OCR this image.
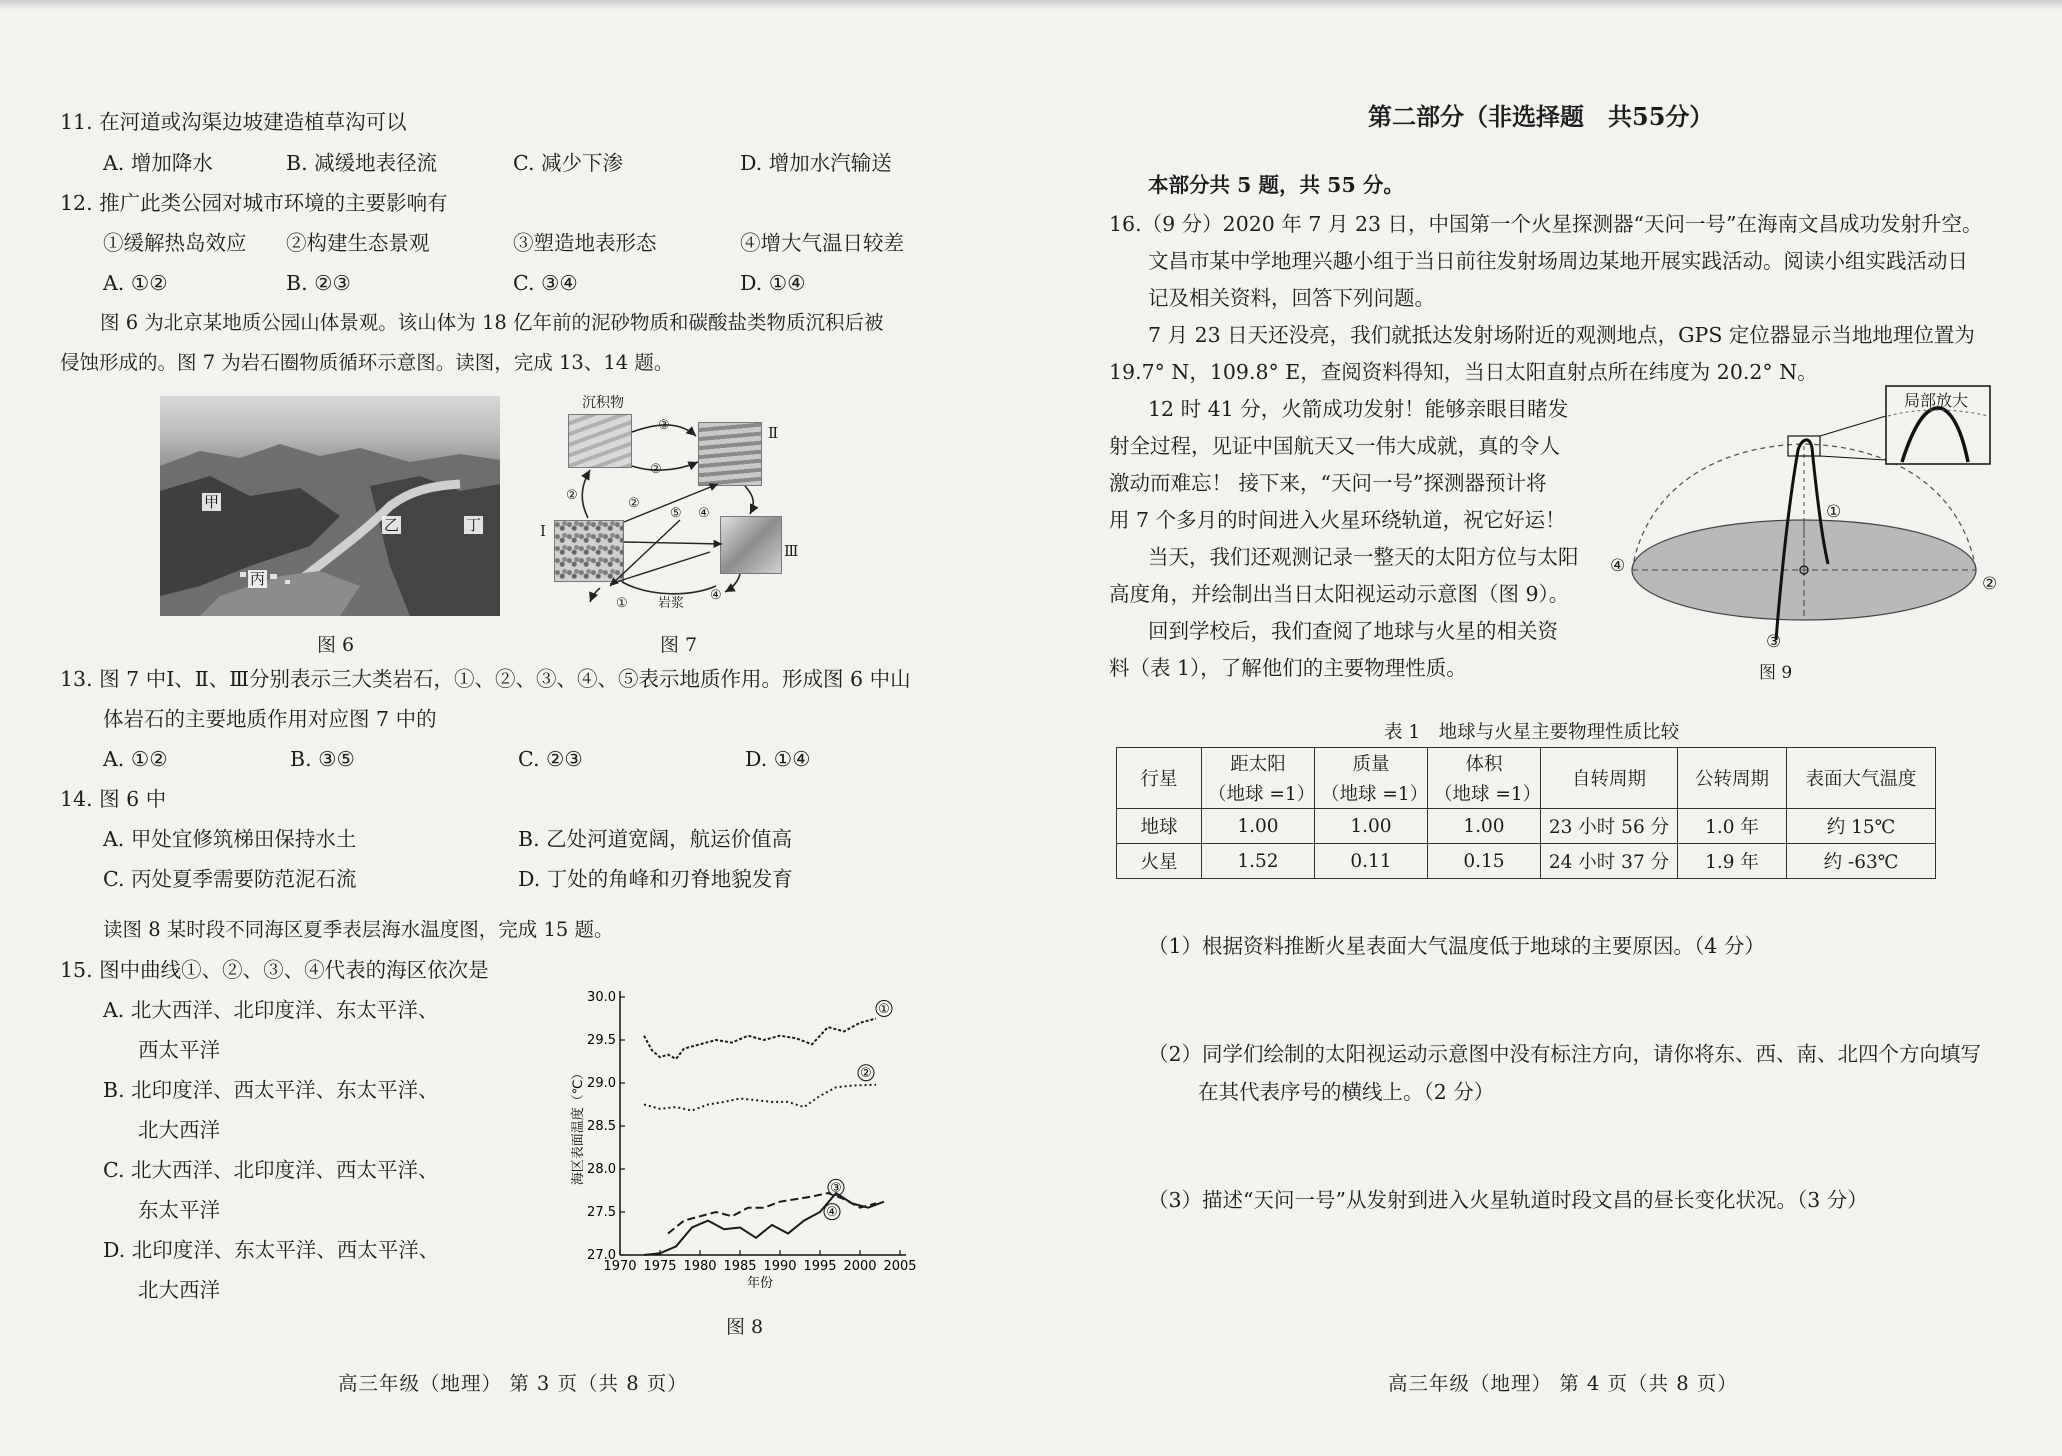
11. 在河道或沟渠边坡建造植草沟可以
A. 增加降水	B. 减缓地表径流	C. 减少下渗	D. 增加水汽输送
12. 推广此类公园对城市环境的主要影响有
①缓解热岛效应 ②构建生态景观	③塑造地表形态	④增大气温日较差
A. ①②	B. ②③	C. ③④	D. ①④
图 6 为北京某地质公园山体景观。该山体为 18 亿年前的泥砂物质和碳酸盐类物质沉积后被
侵蚀形成的。图 7 为岩石圈物质循环示意图。读图，完成 13、14 题。
甲
乙
丙
丁
图 6
沉积物
③
②
②
②
⑤ ④
①
④
岩浆
Ⅰ
Ⅱ
Ⅲ
图 7
13. 图 7 中Ⅰ、Ⅱ、Ⅲ分别表示三大类岩石，①、②、③、④、⑤表示地质作用。形成图 6 中山
体岩石的主要地质作用对应图 7 中的
A. ①②	B. ③⑤	C. ②③	D. ①④
14. 图 6 中
A. 甲处宜修筑梯田保持水土	B. 乙处河道宽阔，航运价值高
C. 丙处夏季需要防范泥石流	D. 丁处的角峰和刃脊地貌发育
读图 8 某时段不同海区夏季表层海水温度图，完成 15 题。
15. 图中曲线①、②、③、④代表的海区依次是
A. 北大西洋、北印度洋、东太平洋、
西太平洋
B. 北印度洋、西太平洋、东太平洋、
北大西洋
C. 北大西洋、北印度洋、西太平洋、
东太平洋
D. 北印度洋、东太平洋、西太平洋、
北大西洋
①
②
③
④
27.0
27.5
28.0
28.5
29.0
29.5
30.0
1970 1975 1980 1985 1990 1995 2000 2005
年份
海区表面温度（℃）
图 8
高三年级（地理） 第 3 页（共 8 页）
第二部分（非选择题　共55分）
本部分共 5 题，共 55 分。
16.（9 分）2020 年 7 月 23 日，中国第一个火星探测器“天问一号”在海南文昌成功发射升空。
文昌市某中学地理兴趣小组于当日前往发射场周边某地开展实践活动。阅读小组实践活动日
记及相关资料，回答下列问题。
7 月 23 日天还没亮，我们就抵达发射场附近的观测地点，GPS 定位器显示当地地理位置为
19.7° N，109.8° E，查阅资料得知，当日太阳直射点所在纬度为 20.2° N。
12 时 41 分，火箭成功发射！能够亲眼目睹发
射全过程，见证中国航天又一伟大成就，真的令人
激动而难忘！ 接下来，“天问一号”探测器预计将
用 7 个多月的时间进入火星环绕轨道，祝它好运！
当天，我们还观测记录一整天的太阳方位与太阳
高度角，并绘制出当日太阳视运动示意图（图 9）。
回到学校后，我们查阅了地球与火星的相关资
料（表 1），了解他们的主要物理性质。
局部放大
①
②
③
④
图 9
表 1　地球与火星主要物理性质比较
行星	距太阳	质量	体积	自转周期	公转周期	表面大气温度
	（地球 =1）	（地球 =1）	（地球 =1）			
地球	1.00	1.00	1.00	23 小时 56 分	1.0 年	约 15℃
火星	1.52	0.11	0.15	24 小时 37 分	1.9 年	约 -63℃
（1）根据资料推断火星表面大气温度低于地球的主要原因。（4 分）
（2）同学们绘制的太阳视运动示意图中没有标注方向，请你将东、西、南、北四个方向填写
在其代表序号的横线上。（2 分）
（3）描述“天问一号”从发射到进入火星轨道时段文昌的昼长变化状况。（3 分）
高三年级（地理） 第 4 页（共 8 页）
